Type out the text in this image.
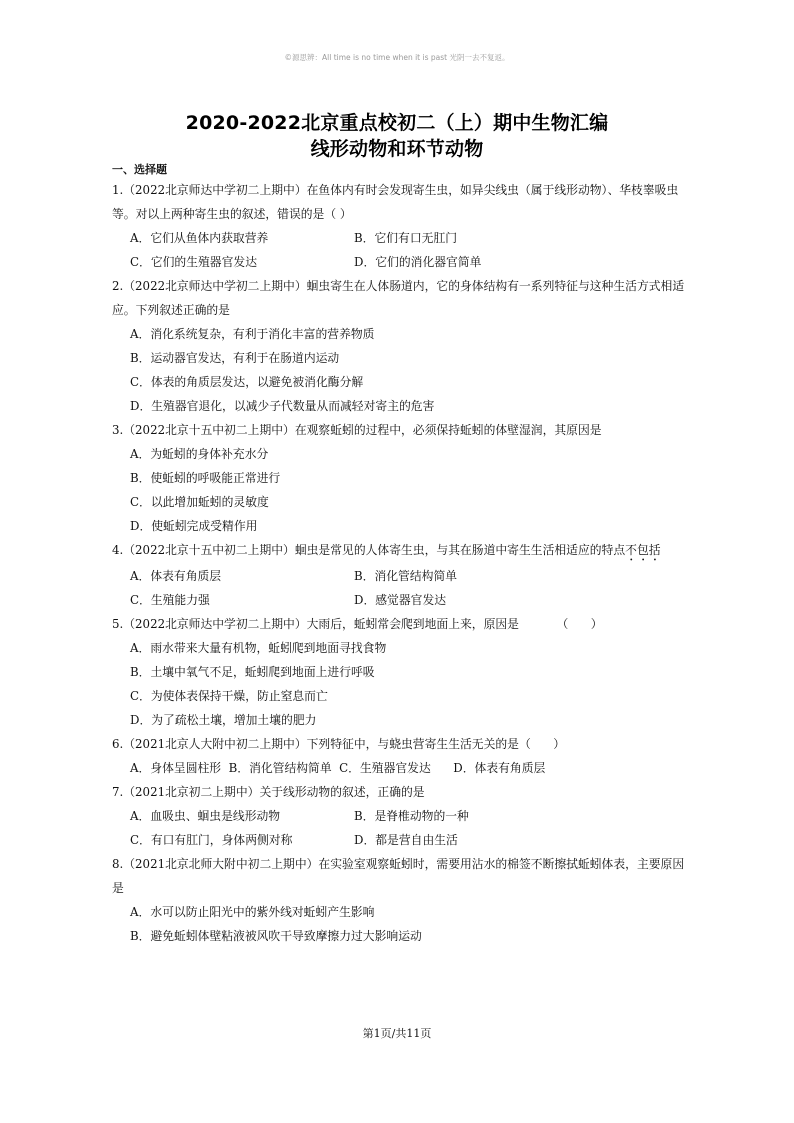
©源思辨：All time is no time when it is past 光阴一去不复返。
2020-2022北京重点校初二（上）期中生物汇编
线形动物和环节动物
一、选择题

1.（2022北京师达中学初二上期中）在鱼体内有时会发现寄生虫，如异尖线虫（属于线形动物）、华枝睾吸虫等。对以上两种寄生虫的叙述，错误的是（ ）

A．它们从鱼体内获取营养	B．它们有口无肛门
C．它们的生殖器官发达	D．它们的消化器官简单

2.（2022北京师达中学初二上期中）蛔虫寄生在人体肠道内，它的身体结构有一系列特征与这种生活方式相适应。下列叙述正确的是

A．消化系统复杂，有利于消化丰富的营养物质
B．运动器官发达，有利于在肠道内运动
C．体表的角质层发达，以避免被消化酶分解
D．生殖器官退化，以减少子代数量从而减轻对寄主的危害

3.（2022北京十五中初二上期中）在观察蚯蚓的过程中，必须保持蚯蚓的体壁湿润，其原因是

A．为蚯蚓的身体补充水分
B．使蚯蚓的呼吸能正常进行
C．以此增加蚯蚓的灵敏度
D．使蚯蚓完成受精作用

4.（2022北京十五中初二上期中）蛔虫是常见的人体寄生虫，与其在肠道中寄生生活相适应的特点不包括

A．体表有角质层	B．消化管结构简单
C．生殖能力强	D．感觉器官发达

5.（2022北京师达中学初二上期中）大雨后，蚯蚓常会爬到地面上来，原因是          （      ）

A．雨水带来大量有机物，蚯蚓爬到地面寻找食物
B．土壤中氧气不足，蚯蚓爬到地面上进行呼吸
C．为使体表保持干燥，防止窒息而亡
D．为了疏松土壤，增加土壤的肥力

6.（2021北京人大附中初二上期中）下列特征中，与蛲虫营寄生生活无关的是（      ）

A．身体呈圆柱形 B．消化管结构简单 C．生殖器官发达 D．体表有角质层

7.（2021北京初二上期中）关于线形动物的叙述，正确的是

A．血吸虫、蛔虫是线形动物	B．是脊椎动物的一种
C．有口有肛门，身体两侧对称	D．都是营自由生活

8.（2021北京北师大附中初二上期中）在实验室观察蚯蚓时，需要用沾水的棉签不断擦拭蚯蚓体表，主要原因是

A．水可以防止阳光中的紫外线对蚯蚓产生影响
B．避免蚯蚓体壁粘液被风吹干导致摩擦力过大影响运动
第1页/共11页
